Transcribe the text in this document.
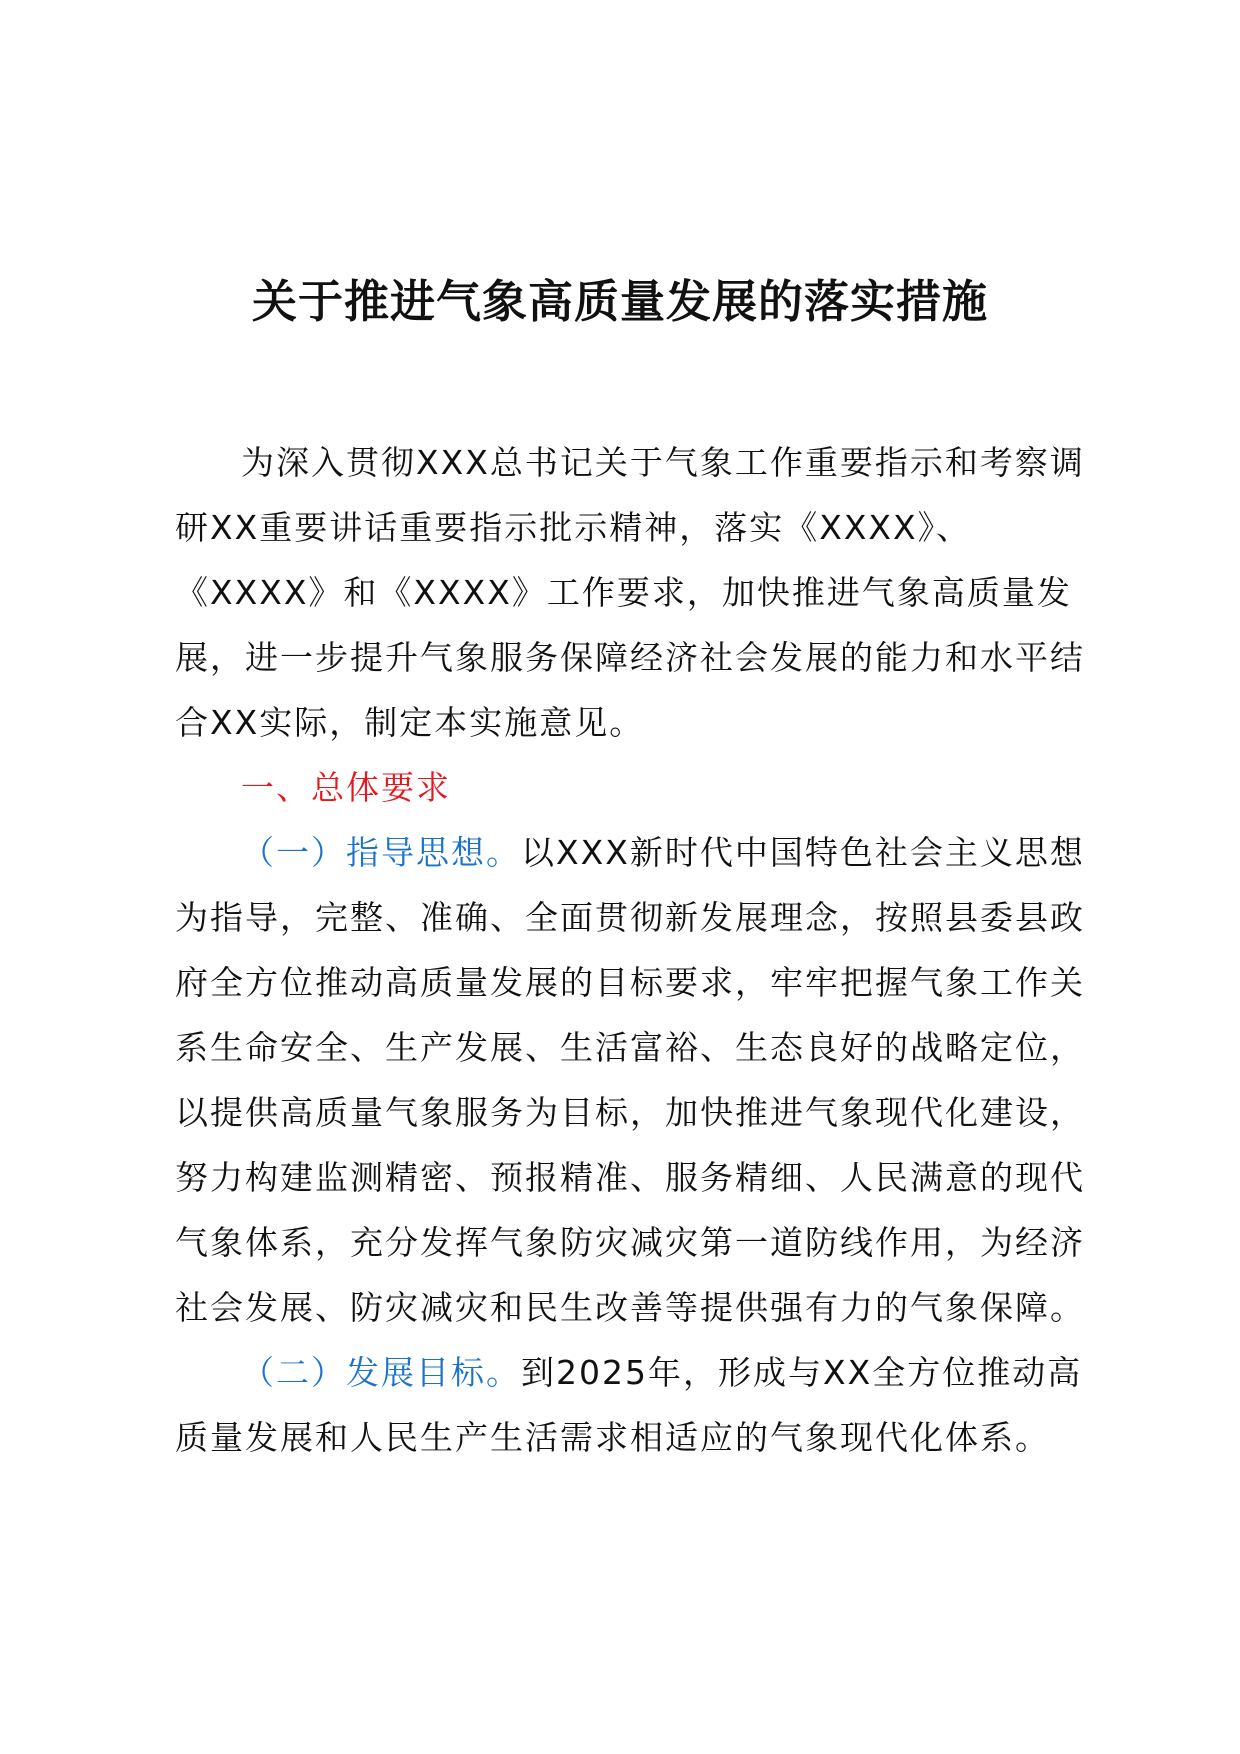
关于推进气象高质量发展的落实措施

为深入贯彻XXX总书记关于气象工作重要指示和考察调研XX重要讲话重要指示批示精神，落实《XXXX》、《XXXX》和《XXXX》工作要求，加快推进气象高质量发展，进一步提升气象服务保障经济社会发展的能力和水平结合XX实际，制定本实施意见。

一、总体要求

（一）指导思想。以XXX新时代中国特色社会主义思想为指导，完整、准确、全面贯彻新发展理念，按照县委县政府全方位推动高质量发展的目标要求，牢牢把握气象工作关系生命安全、生产发展、生活富裕、生态良好的战略定位，以提供高质量气象服务为目标，加快推进气象现代化建设，努力构建监测精密、预报精准、服务精细、人民满意的现代气象体系，充分发挥气象防灾减灾第一道防线作用，为经济社会发展、防灾减灾和民生改善等提供强有力的气象保障。

（二）发展目标。到2025年，形成与XX全方位推动高质量发展和人民生产生活需求相适应的气象现代化体系。
